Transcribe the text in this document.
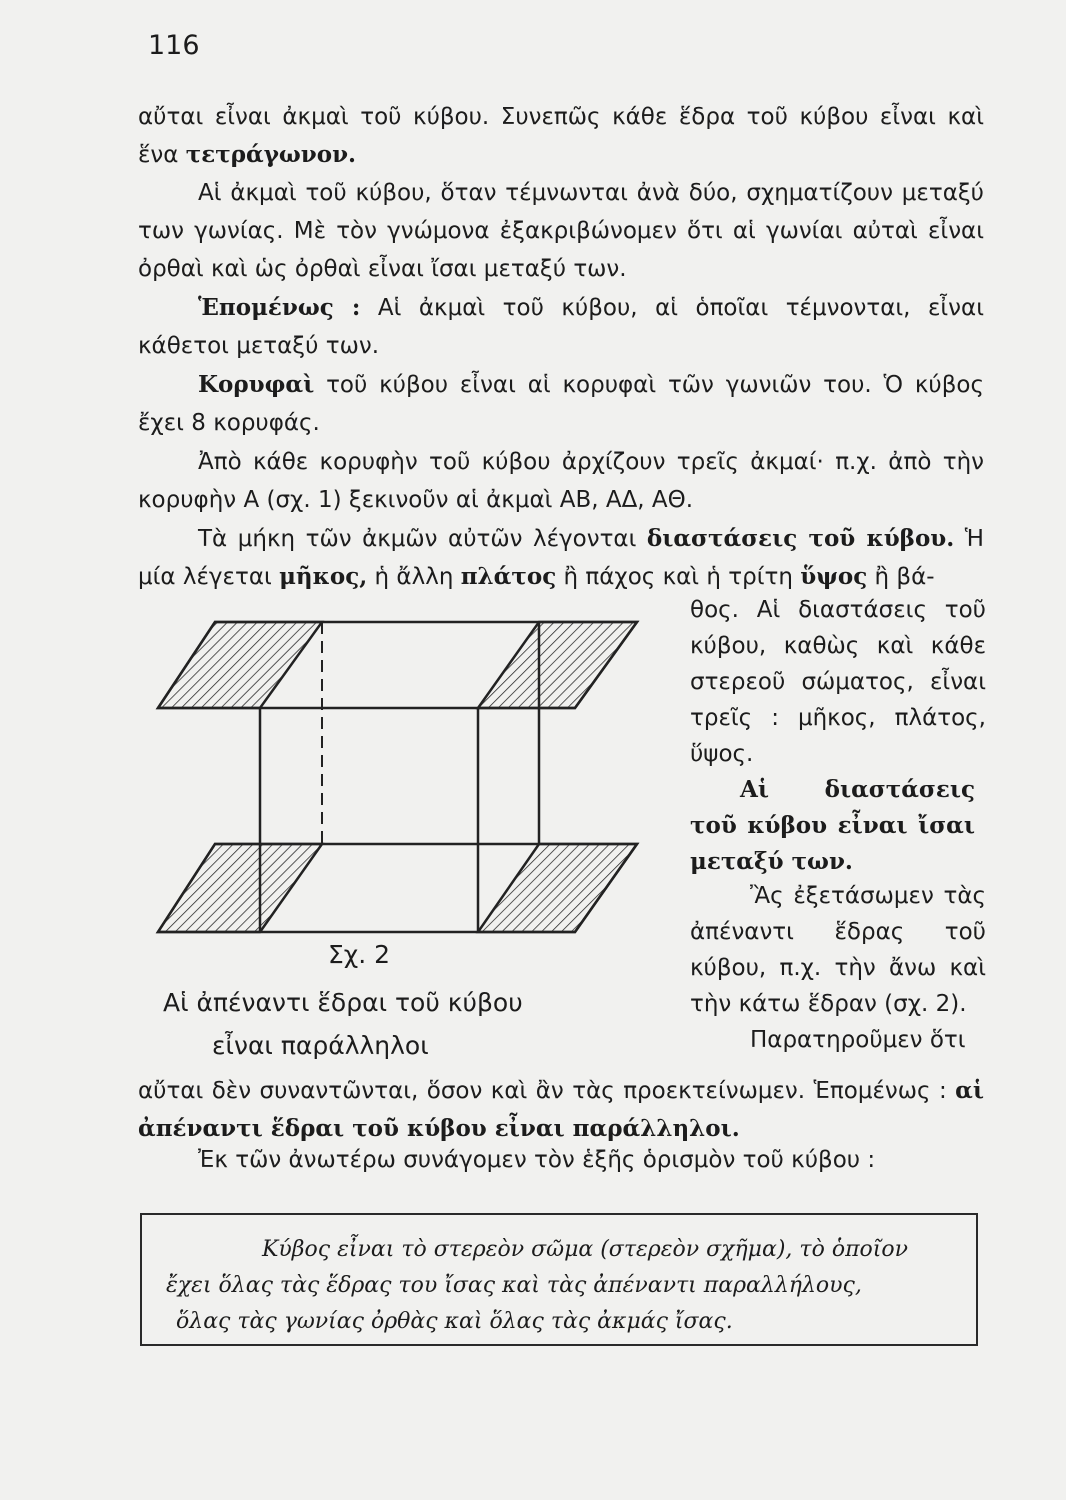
116

αὔται εἶναι ἀκμαὶ τοῦ κύβου. Συνεπῶς κάθε ἕδρα τοῦ κύβου εἶναι καὶ ἕνα τετράγωνον.

Αἱ ἀκμαὶ τοῦ κύβου, ὅταν τέμνωνται ἀνὰ δύο, σχηματίζουν μεταξύ των γωνίας. Μὲ τὸν γνώμονα ἐξακριβώνομεν ὅτι αἱ γωνίαι αὐταὶ εἶναι ὀρθαὶ καὶ ὡς ὀρθαὶ εἶναι ἴσαι μεταξύ των.

Ἑπομένως : Αἱ ἀκμαὶ τοῦ κύβου, αἱ ὁποῖαι τέμνονται, εἶναι κάθετοι μεταξύ των.

Κορυφαὶ τοῦ κύβου εἶναι αἱ κορυφαὶ τῶν γωνιῶν του. Ὁ κύβος ἔχει 8 κορυφάς.

Ἀπὸ κάθε κορυφὴν τοῦ κύβου ἀρχίζουν τρεῖς ἀκμαί· π.χ. ἀπὸ τὴν κορυφὴν Α (σχ. 1) ξεκινοῦν αἱ ἀκμαὶ ΑΒ, ΑΔ, ΑΘ.

Τὰ μήκη τῶν ἀκμῶν αὐτῶν λέγονται διαστάσεις τοῦ κύβου. Ἡ μία λέγεται μῆκος, ἡ ἄλλη πλάτος ἢ πάχος καὶ ἡ τρίτη ὕψος ἢ βά-

θος. Αἱ διαστάσεις τοῦ κύβου, καθὼς καὶ κάθε στερεοῦ σώματος, εἶναι τρεῖς : μῆκος, πλάτος, ὕψος.

Αἱ διαστάσεις τοῦ κύβου εἶναι ἴσαι μεταξύ των.

Ἂς ἐξετάσωμεν τὰς ἀπέναντι ἕδρας τοῦ κύβου, π.χ. τὴν ἄνω καὶ τὴν κάτω ἕδραν (σχ. 2).

Παρατηροῦμεν ὅτι

Σχ. 2
Αἱ ἀπέναντι ἕδραι τοῦ κύβου
εἶναι παράλληλοι

αὔται δὲν συναντῶνται, ὅσον καὶ ἂν τὰς προεκτείνωμεν. Ἑπομένως : αἱ ἀπέναντι ἕδραι τοῦ κύβου εἶναι παράλληλοι.

Ἐκ τῶν ἀνωτέρω συνάγομεν τὸν ἑξῆς ὁρισμὸν τοῦ κύβου :

Κύβος εἶναι τὸ στερεὸν σῶμα (στερεὸν σχῆμα), τὸ ὁποῖον
ἔχει ὅλας τὰς ἕδρας του ἴσας καὶ τὰς ἀπέναντι παραλλήλους,
ὅλας τὰς γωνίας ὀρθὰς καὶ ὅλας τὰς ἀκμάς ἴσας.
